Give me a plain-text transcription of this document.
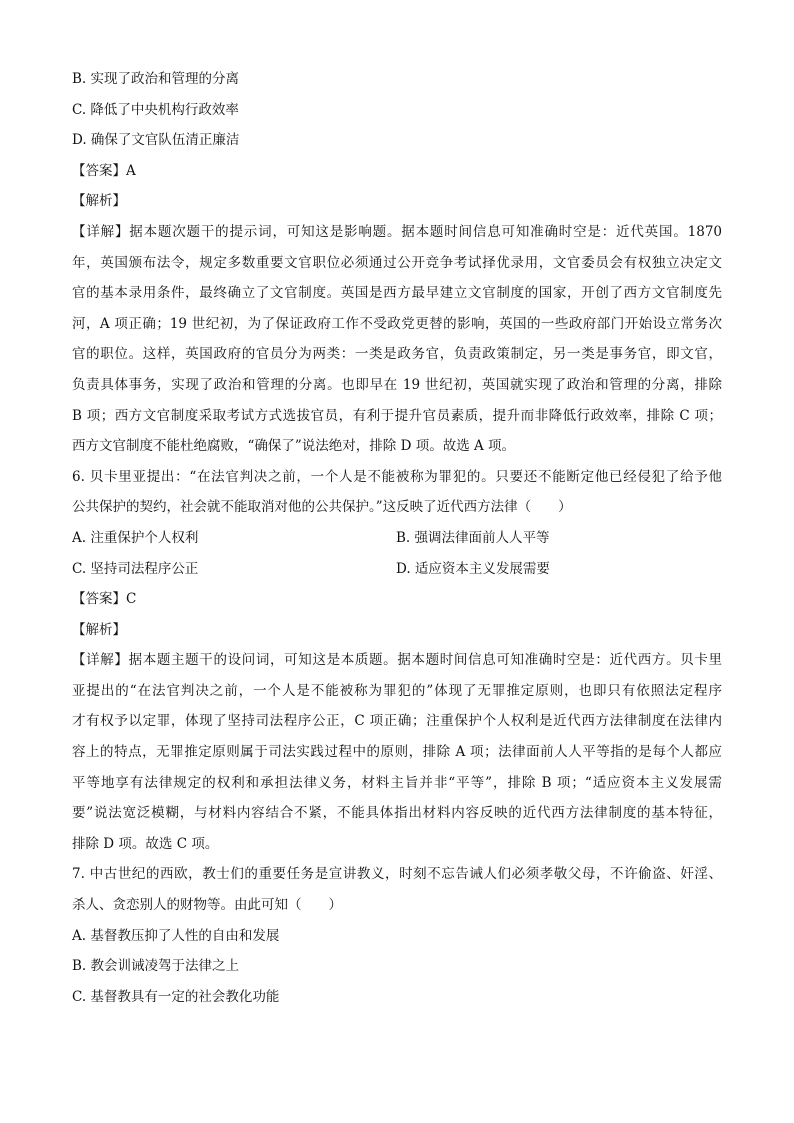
B. 实现了政治和管理的分离
C. 降低了中央机构行政效率
D. 确保了文官队伍清正廉洁
【答案】A
【解析】
【详解】据本题次题干的提示词，可知这是影响题。据本题时间信息可知准确时空是：近代英国。1870
年，英国颁布法令，规定多数重要文官职位必须通过公开竞争考试择优录用，文官委员会有权独立决定文
官的基本录用条件，最终确立了文官制度。英国是西方最早建立文官制度的国家，开创了西方文官制度先
河，A 项正确；19 世纪初，为了保证政府工作不受政党更替的影响，英国的一些政府部门开始设立常务次
官的职位。这样，英国政府的官员分为两类：一类是政务官，负责政策制定，另一类是事务官，即文官，
负责具体事务，实现了政治和管理的分离。也即早在 19 世纪初，英国就实现了政治和管理的分离，排除
B 项；西方文官制度采取考试方式选拔官员，有利于提升官员素质，提升而非降低行政效率，排除 C 项；
西方文官制度不能杜绝腐败，“确保了”说法绝对，排除 D 项。故选 A 项。
6. 贝卡里亚提出：“在法官判决之前，一个人是不能被称为罪犯的。只要还不能断定他已经侵犯了给予他
公共保护的契约，社会就不能取消对他的公共保护。”这反映了近代西方法律（　　）
A. 注重保护个人权利	B. 强调法律面前人人平等
C. 坚持司法程序公正	D. 适应资本主义发展需要
【答案】C
【解析】
【详解】据本题主题干的设问词，可知这是本质题。据本题时间信息可知准确时空是：近代西方。贝卡里
亚提出的“在法官判决之前，一个人是不能被称为罪犯的”体现了无罪推定原则，也即只有依照法定程序
才有权予以定罪，体现了坚持司法程序公正，C 项正确；注重保护个人权利是近代西方法律制度在法律内
容上的特点，无罪推定原则属于司法实践过程中的原则，排除 A 项；法律面前人人平等指的是每个人都应
平等地享有法律规定的权利和承担法律义务，材料主旨并非“平等”，排除 B 项；“适应资本主义发展需
要”说法宽泛模糊，与材料内容结合不紧，不能具体指出材料内容反映的近代西方法律制度的基本特征，
排除 D 项。故选 C 项。
7. 中古世纪的西欧，教士们的重要任务是宣讲教义，时刻不忘告诫人们必须孝敬父母，不许偷盗、奸淫、
杀人、贪恋别人的财物等。由此可知（　　）
A. 基督教压抑了人性的自由和发展
B. 教会训诫凌驾于法律之上
C. 基督教具有一定的社会教化功能
